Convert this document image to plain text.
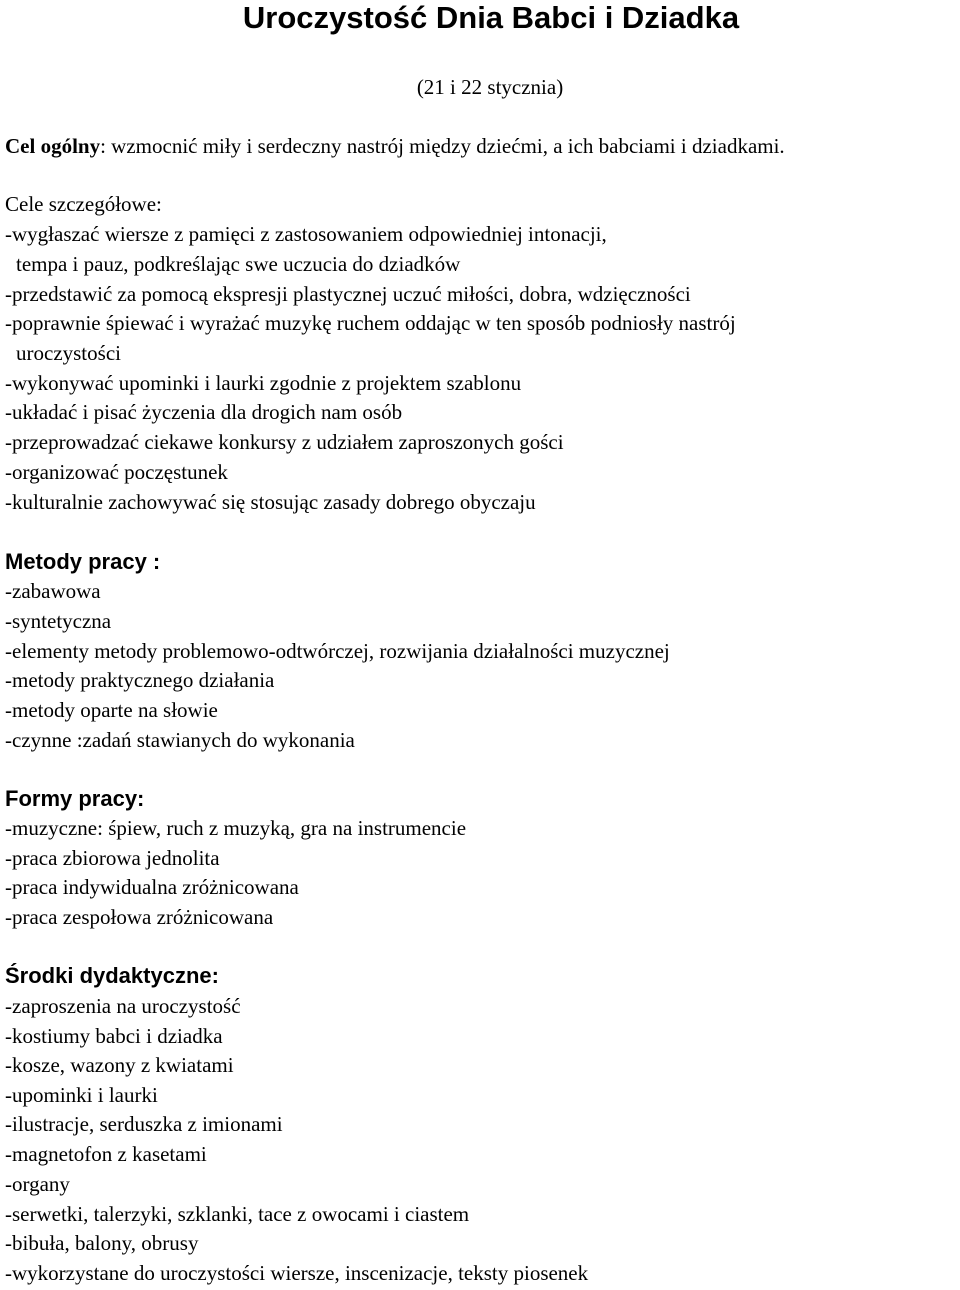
Uroczystość Dnia Babci i Dziadka
(21 i 22 stycznia)
Cel ogólny: wzmocnić miły i serdeczny nastrój między dziećmi, a ich babciami i dziadkami.
Cele szczegółowe:
-wygłaszać wiersze z pamięci z zastosowaniem odpowiedniej intonacji,
tempa i pauz, podkreślając swe uczucia do dziadków
-przedstawić za pomocą ekspresji plastycznej uczuć miłości, dobra, wdzięczności
-poprawnie śpiewać i wyrażać muzykę ruchem oddając w ten sposób podniosły nastrój
uroczystości
-wykonywać upominki i laurki zgodnie z projektem szablonu
-układać i pisać życzenia dla drogich nam osób
-przeprowadzać ciekawe konkursy z udziałem zaproszonych gości
-organizować poczęstunek
-kulturalnie zachowywać się stosując zasady dobrego obyczaju
Metody pracy :
-zabawowa
-syntetyczna
-elementy metody problemowo-odtwórczej, rozwijania działalności muzycznej
-metody praktycznego działania
-metody oparte na słowie
-czynne :zadań stawianych do wykonania
Formy pracy:
-muzyczne: śpiew, ruch z muzyką, gra na instrumencie
-praca zbiorowa jednolita
-praca indywidualna zróżnicowana
-praca zespołowa zróżnicowana
Środki dydaktyczne:
-zaproszenia na uroczystość
-kostiumy babci i dziadka
-kosze, wazony z kwiatami
-upominki i laurki
-ilustracje, serduszka z imionami
-magnetofon z kasetami
-organy
-serwetki, talerzyki, szklanki, tace z owocami i ciastem
-bibuła, balony, obrusy
-wykorzystane do uroczystości wiersze, inscenizacje, teksty piosenek
